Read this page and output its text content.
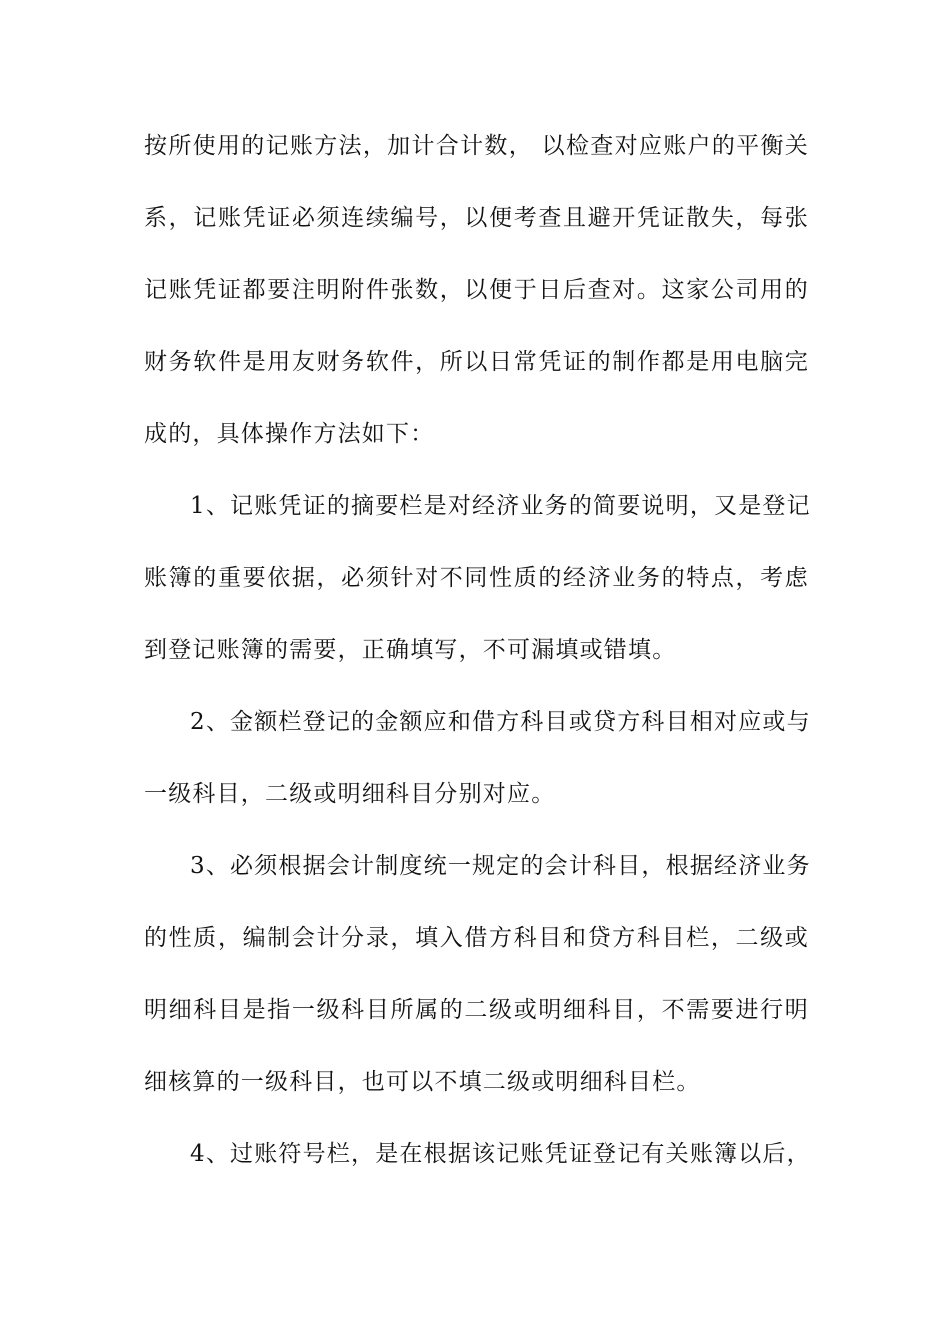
按所使用的记账方法，加计合计数， 以检查对应账户的平衡关
系，记账凭证必须连续编号，以便考查且避开凭证散失，每张
记账凭证都要注明附件张数，以便于日后查对。这家公司用的
财务软件是用友财务软件，所以日常凭证的制作都是用电脑完
成的，具体操作方法如下：
1、记账凭证的摘要栏是对经济业务的简要说明，又是登记
账簿的重要依据，必须针对不同性质的经济业务的特点，考虑
到登记账簿的需要，正确填写，不可漏填或错填。
2、金额栏登记的金额应和借方科目或贷方科目相对应或与
一级科目，二级或明细科目分别对应。
3、必须根据会计制度统一规定的会计科目，根据经济业务
的性质，编制会计分录，填入借方科目和贷方科目栏，二级或
明细科目是指一级科目所属的二级或明细科目，不需要进行明
细核算的一级科目，也可以不填二级或明细科目栏。
4、过账符号栏，是在根据该记账凭证登记有关账簿以后，
